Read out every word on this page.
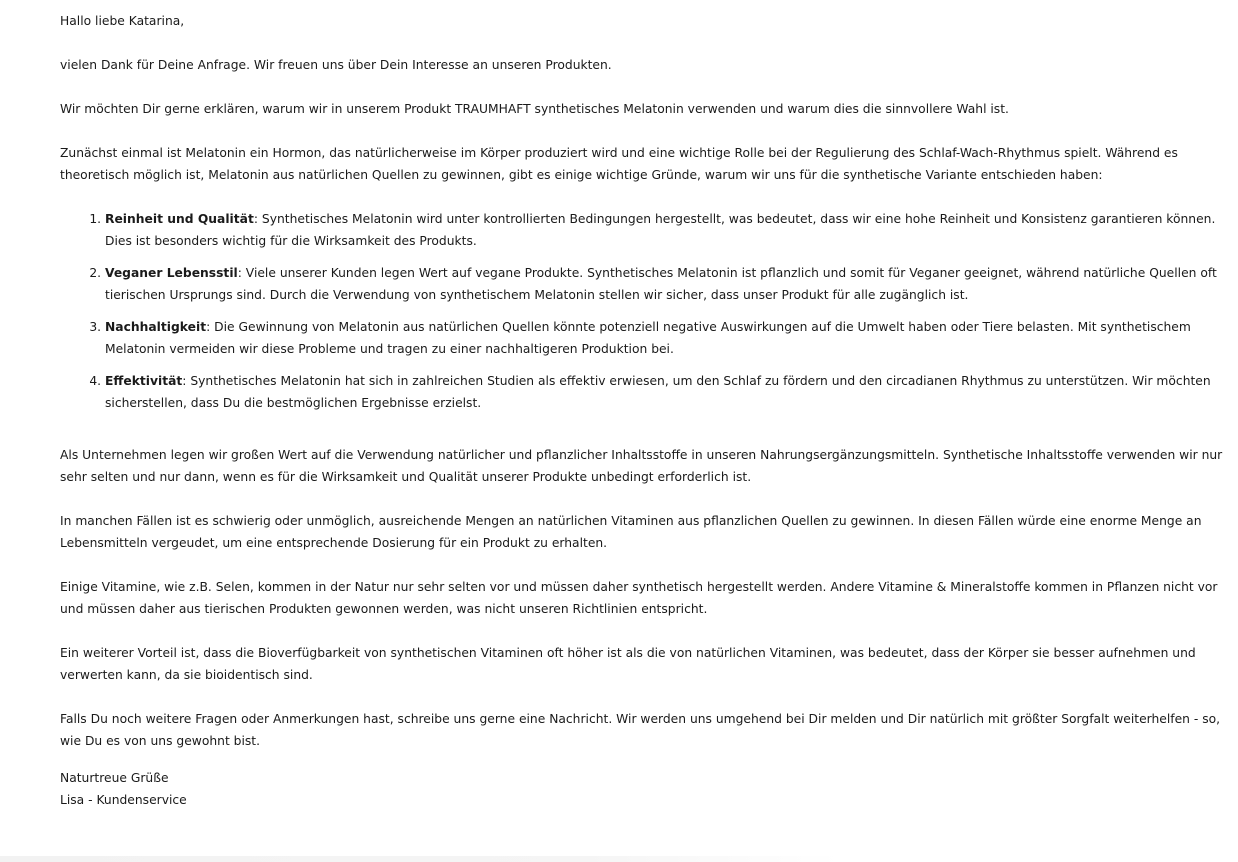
Hallo liebe Katarina,

vielen Dank für Deine Anfrage. Wir freuen uns über Dein Interesse an unseren Produkten.

Wir möchten Dir gerne erklären, warum wir in unserem Produkt TRAUMHAFT synthetisches Melatonin verwenden und warum dies die sinnvollere Wahl ist.

Zunächst einmal ist Melatonin ein Hormon, das natürlicherweise im Körper produziert wird und eine wichtige Rolle bei der Regulierung des Schlaf-Wach-Rhythmus spielt. Während es theoretisch möglich ist, Melatonin aus natürlichen Quellen zu gewinnen, gibt es einige wichtige Gründe, warum wir uns für die synthetische Variante entschieden haben:

1. Reinheit und Qualität: Synthetisches Melatonin wird unter kontrollierten Bedingungen hergestellt, was bedeutet, dass wir eine hohe Reinheit und Konsistenz garantieren können. Dies ist besonders wichtig für die Wirksamkeit des Produkts.
2. Veganer Lebensstil: Viele unserer Kunden legen Wert auf vegane Produkte. Synthetisches Melatonin ist pflanzlich und somit für Veganer geeignet, während natürliche Quellen oft tierischen Ursprungs sind. Durch die Verwendung von synthetischem Melatonin stellen wir sicher, dass unser Produkt für alle zugänglich ist.
3. Nachhaltigkeit: Die Gewinnung von Melatonin aus natürlichen Quellen könnte potenziell negative Auswirkungen auf die Umwelt haben oder Tiere belasten. Mit synthetischem Melatonin vermeiden wir diese Probleme und tragen zu einer nachhaltigeren Produktion bei.
4. Effektivität: Synthetisches Melatonin hat sich in zahlreichen Studien als effektiv erwiesen, um den Schlaf zu fördern und den circadianen Rhythmus zu unterstützen. Wir möchten sicherstellen, dass Du die bestmöglichen Ergebnisse erzielst.

Als Unternehmen legen wir großen Wert auf die Verwendung natürlicher und pflanzlicher Inhaltsstoffe in unseren Nahrungsergänzungsmitteln. Synthetische Inhaltsstoffe verwenden wir nur sehr selten und nur dann, wenn es für die Wirksamkeit und Qualität unserer Produkte unbedingt erforderlich ist.

In manchen Fällen ist es schwierig oder unmöglich, ausreichende Mengen an natürlichen Vitaminen aus pflanzlichen Quellen zu gewinnen. In diesen Fällen würde eine enorme Menge an Lebensmitteln vergeudet, um eine entsprechende Dosierung für ein Produkt zu erhalten.

Einige Vitamine, wie z.B. Selen, kommen in der Natur nur sehr selten vor und müssen daher synthetisch hergestellt werden. Andere Vitamine & Mineralstoffe kommen in Pflanzen nicht vor und müssen daher aus tierischen Produkten gewonnen werden, was nicht unseren Richtlinien entspricht.

Ein weiterer Vorteil ist, dass die Bioverfügbarkeit von synthetischen Vitaminen oft höher ist als die von natürlichen Vitaminen, was bedeutet, dass der Körper sie besser aufnehmen und verwerten kann, da sie bioidentisch sind.

Falls Du noch weitere Fragen oder Anmerkungen hast, schreibe uns gerne eine Nachricht. Wir werden uns umgehend bei Dir melden und Dir natürlich mit größter Sorgfalt weiterhelfen - so, wie Du es von uns gewohnt bist.

Naturtreue Grüße
Lisa - Kundenservice
